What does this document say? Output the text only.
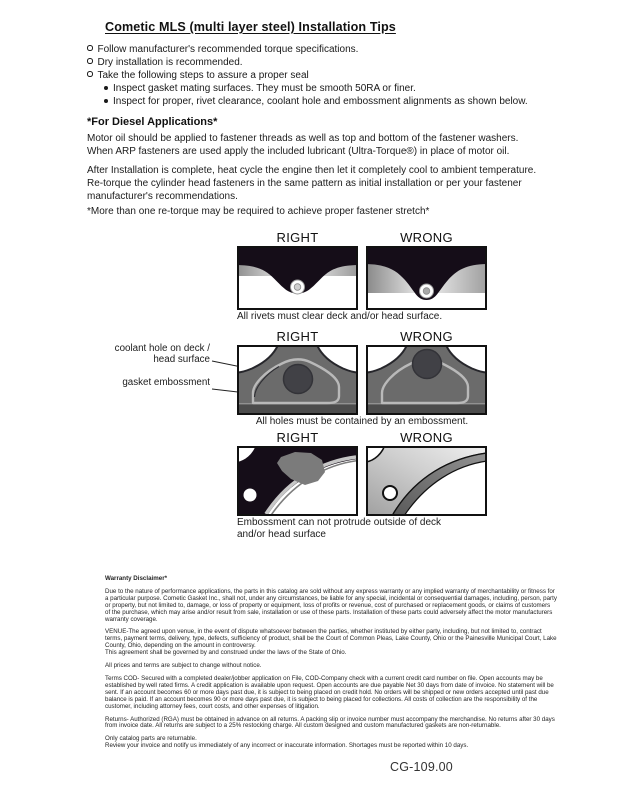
Cometic MLS (multi layer steel) Installation Tips
Follow manufacturer's recommended torque specifications.
Dry installation is recommended.
Take the following steps to assure a proper seal
Inspect gasket mating surfaces. They must be smooth 50RA or finer.
Inspect for proper, rivet clearance, coolant hole and embossment alignments as shown below.
*For Diesel Applications*
Motor oil should be applied to fastener threads as well as top and bottom of the fastener washers. When ARP fasteners are used apply the included lubricant (Ultra-Torque®) in place of motor oil.
After Installation is complete, heat cycle the engine then let it completely cool to ambient temperature. Re-torque the cylinder head fasteners in the same pattern as initial installation or per your fastener manufacturer's recommendations.
*More than one re-torque may be required to achieve proper fastener stretch*
RIGHT	WRONG
All rivets must clear deck and/or head surface.
RIGHT	WRONG
coolant hole on deck / head surface
gasket embossment
All holes must be contained by an embossment.
RIGHT	WRONG
Embossment can not protrude outside of deck and/or head surface
Warranty Disclaimer*
Due to the nature of performance applications, the parts in this catalog are sold without any express warranty or any implied warranty of merchantability or fitness for a particular purpose. Cometic Gasket Inc., shall not, under any circumstances, be liable for any special, incidental or consequential damages, including, person, party or property, but not limited to, damage, or loss of property or equipment, loss of profits or revenue, cost of purchased or replacement goods, or claims of customers of the purchase, which may arise and/or result from sale, installation or use of these parts. Installation of these parts could adversely affect the motor manufacturers warranty coverage.
VENUE-The agreed upon venue, in the event of dispute whatsoever between the parties, whether instituted by either party, including, but not limited to, contract terms, payment terms, delivery, type, defects, sufficiency of product, shall be the Court of Common Pleas, Lake County, Ohio or the Painesville Municipal Court, Lake County, Ohio, depending on the amount in controversy.
This agreement shall be governed by and construed under the laws of the State of Ohio.
All prices and terms are subject to change without notice.
Terms COD- Secured with a completed dealer/jobber application on File, COD-Company check with a current credit card number on file. Open accounts may be established by well rated firms. A credit application is available upon request. Open accounts are due payable Net 30 days from date of invoice. No statement will be sent. If an account becomes 60 or more days past due, it is subject to being placed on credit hold. No orders will be shipped or new orders accepted until past due balance is paid. If an account becomes 90 or more days past due, it is subject to being placed for collections. All costs of collection are the responsibility of the customer, including attorney fees, court costs, and other expenses of litigation.
Returns- Authorized (RGA) must be obtained in advance on all returns. A packing slip or invoice number must accompany the merchandise. No returns after 30 days from invoice date. All returns are subject to a 25% restocking charge. All custom designed and custom manufactured gaskets are non-returnable.
Only catalog parts are returnable.
Review your invoice and notify us immediately of any incorrect or inaccurate information. Shortages must be reported within 10 days.
CG-109.00
